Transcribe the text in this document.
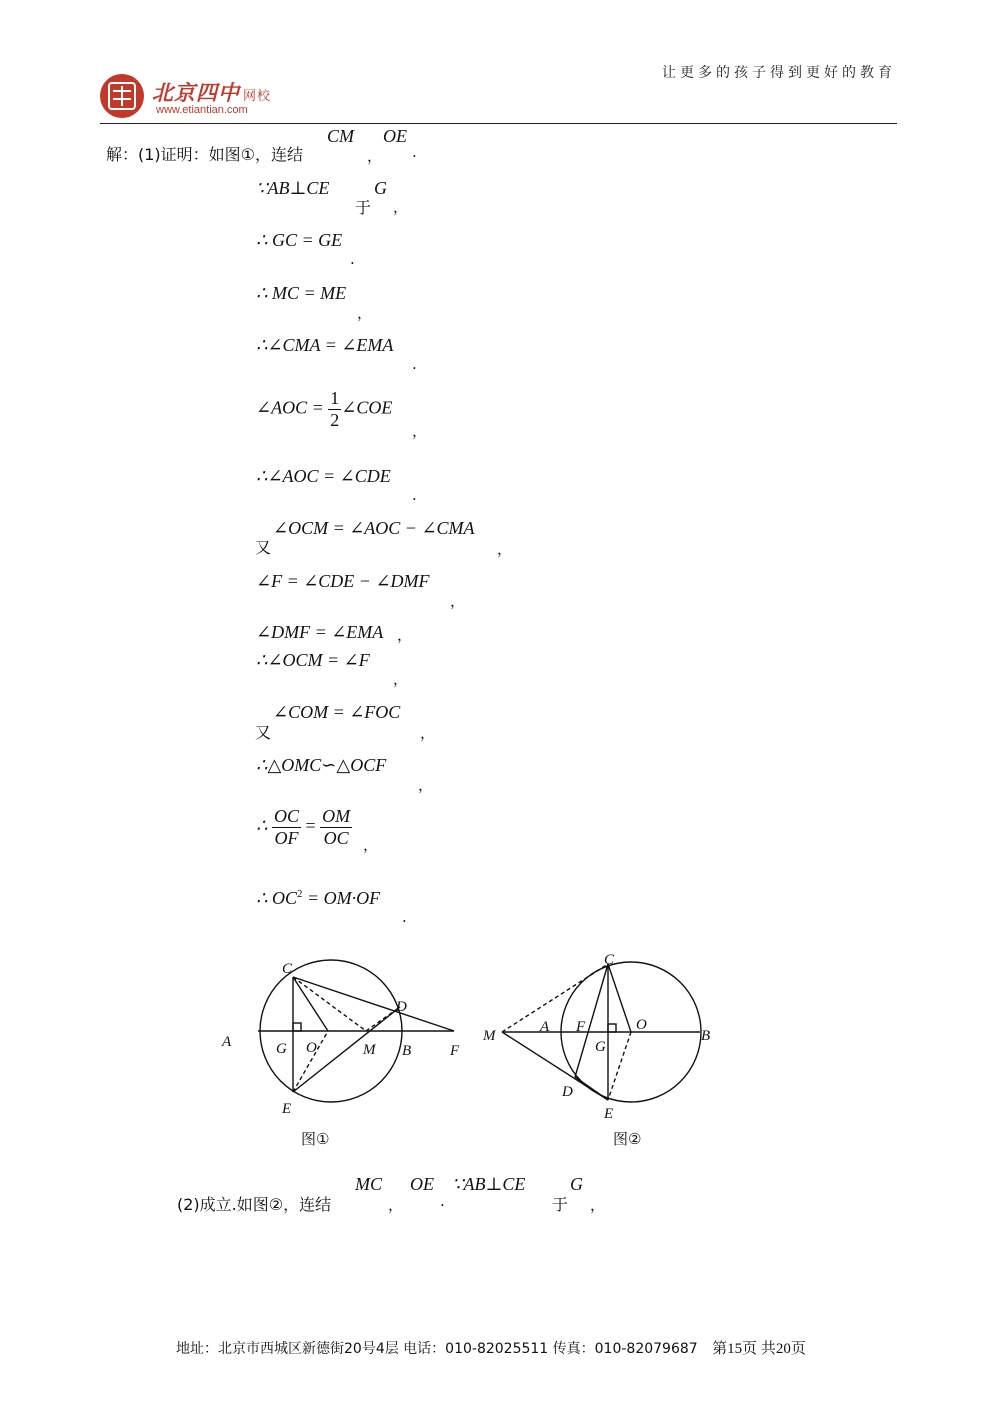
北京四中 网校
www.etiantian.com
让更多的孩子得到更好的教育
解：(1)证明：如图①，连结
CM
，
OE
.
∵AB⊥CE
于
G
，
∴ GC = GE
.
∴ MC = ME
，
∴∠CMA = ∠EMA
.
∠AOC = $\frac{1}{2}$ ∠COE
，
∴∠AOC = ∠CDE
.
又
∠OCM = ∠AOC − ∠CMA
，
∠F = ∠CDE − ∠DMF
，
∠DMF = ∠EMA ，
∴∠OCM = ∠F
，
又
∠COM = ∠FOC
，
∴△OMC∽△OCF
，
∴ $\frac{OC}{OF} = \frac{OM}{OC}$ ，
∴ $OC^2 = OM\cdot OF$
.
A
C
D
G O	M B	F
E
M
A F
C
O
B
G
D
E
图①	图②
(2)成立.如图②，连结
MC
，
OE
.
∵AB⊥CE
于
G
，
地址：北京市西城区新德街20号4层 电话：010-82025511 传真：010-82079687 第15页 共20页
